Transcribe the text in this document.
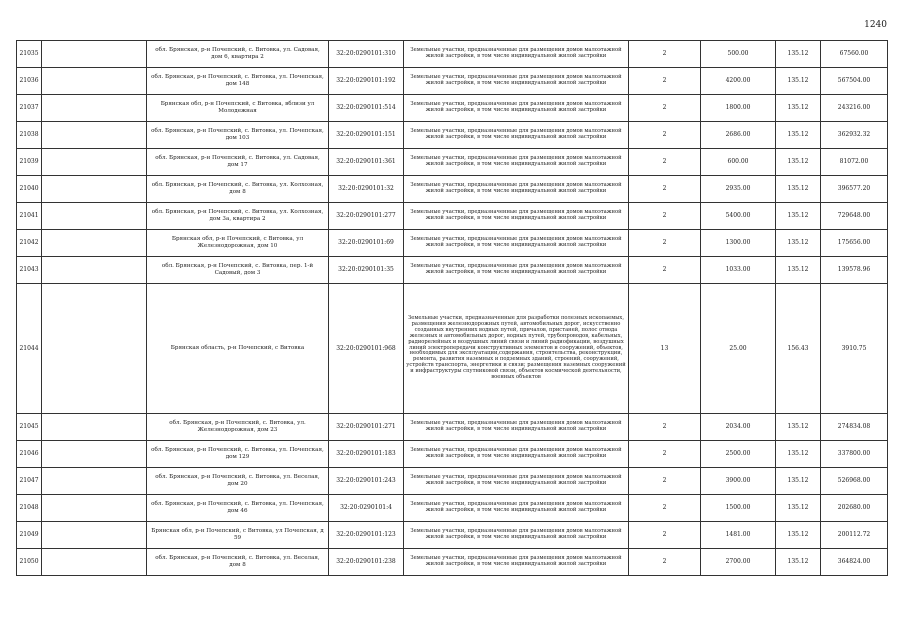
1240
21035		обл. Брянская, р-н Почепский, с. Витовка, ул. Садовая, дом 6, квартира 2	32:20:0290101:310	Земельные участки, предназначенные для размещения домов малоэтажной жилой застройки, в том числе индивидуальной жилой застройки	2	500.00	135.12	67560.00
21036		обл. Брянская, р-н Почепский, с. Витовка, ул. Почепская, дом 148	32:20:0290101:192	Земельные участки, предназначенные для размещения домов малоэтажной жилой застройки, в том числе индивидуальной жилой застройки	2	4200.00	135.12	567504.00
21037		Брянская обл, р-н Почепский, с Витовка, вблизи ул Молодежная	32:20:0290101:514	Земельные участки, предназначенные для размещения домов малоэтажной жилой застройки, в том числе индивидуальной жилой застройки	2	1800.00	135.12	243216.00
21038		обл. Брянская, р-н Почепский, с. Витовка, ул. Почепская, дом 103	32:20:0290101:151	Земельные участки, предназначенные для размещения домов малоэтажной жилой застройки, в том числе индивидуальной жилой застройки	2	2686.00	135.12	362932.32
21039		обл. Брянская, р-н Почепский, с. Витовка, ул. Садовая, дом 17	32:20:0290101:361	Земельные участки, предназначенные для размещения домов малоэтажной жилой застройки, в том числе индивидуальной жилой застройки	2	600.00	135.12	81072.00
21040		обл. Брянская, р-н Почепский, с. Витовка, ул. Колхозная, дом 8	32:20:0290101:32	Земельные участки, предназначенные для размещения домов малоэтажной жилой застройки, в том числе индивидуальной жилой застройки	2	2935.00	135.12	396577.20
21041		обл. Брянская, р-н Почепский, с. Витовка, ул. Колхозная, дом 3а, квартира 2	32:20:0290101:277	Земельные участки, предназначенные для размещения домов малоэтажной жилой застройки, в том числе индивидуальной жилой застройки	2	5400.00	135.12	729648.00
21042		Брянская обл, р-н Почепский, с Витовка, ул Железнодорожная, дом 10	32:20:0290101:69	Земельные участки, предназначенные для размещения домов малоэтажной жилой застройки, в том числе индивидуальной жилой застройки	2	1300.00	135.12	175656.00
21043		обл. Брянская, р-н Почепский, с. Витовка, пер. 1-й Садовый, дом 3	32:20:0290101:35	Земельные участки, предназначенные для размещения домов малоэтажной жилой застройки, в том числе индивидуальной жилой застройки	2	1033.00	135.12	139578.96
21044		Брянская область, р-н Почепский, с Витовка	32:20:0290101:968	Земельные участки, предназначенные для разработки полезных ископаемых, размещения железнодорожных путей, автомобильных дорог, искусственно созданных внутренних водных путей, причалов, пристаней, полос отвода железных и автомобильных дорог, водных путей, трубопроводов, кабельных, радиорелейных и воздушных линий связи и линий радиофикации, воздушных линий электропередачи конструктивных элементов и сооружений, объектов, необходимых для эксплуатации,содержания, строительства, реконструкции, ремонта, развития наземных и подземных зданий, строений, сооружений, устройств транспорта, энергетики и связи; размещения наземных сооружений и инфраструктуры спутниковой связи, объектов космической деятельности, военных объектов	13	25.00	156.43	3910.75
21045		обл. Брянская, р-н Почепский, с. Витовка, ул. Железнодорожная, дом 23	32:20:0290101:271	Земельные участки, предназначенные для размещения домов малоэтажной жилой застройки, в том числе индивидуальной жилой застройки	2	2034.00	135.12	274834.08
21046		обл. Брянская, р-н Почепский, с. Витовка, ул. Почепская, дом 129	32:20:0290101:183	Земельные участки, предназначенные для размещения домов малоэтажной жилой застройки, в том числе индивидуальной жилой застройки	2	2500.00	135.12	337800.00
21047		обл. Брянская, р-н Почепский, с. Витовка, ул. Веселая, дом 20	32:20:0290101:243	Земельные участки, предназначенные для размещения домов малоэтажной жилой застройки, в том числе индивидуальной жилой застройки	2	3900.00	135.12	526968.00
21048		обл. Брянская, р-н Почепский, с. Витовка, ул. Почепская, дом 46	32:20:0290101:4	Земельные участки, предназначенные для размещения домов малоэтажной жилой застройки, в том числе индивидуальной жилой застройки	2	1500.00	135.12	202680.00
21049		Брянская обл, р-н Почепский, с Витовка, ул Почепская, д 59	32:20:0290101:123	Земельные участки, предназначенные для размещения домов малоэтажной жилой застройки, в том числе индивидуальной жилой застройки	2	1481.00	135.12	200112.72
21050		обл. Брянская, р-н Почепский, с. Витовка, ул. Веселая, дом 8	32:20:0290101:238	Земельные участки, предназначенные для размещения домов малоэтажной жилой застройки, в том числе индивидуальной жилой застройки	2	2700.00	135.12	364824.00
